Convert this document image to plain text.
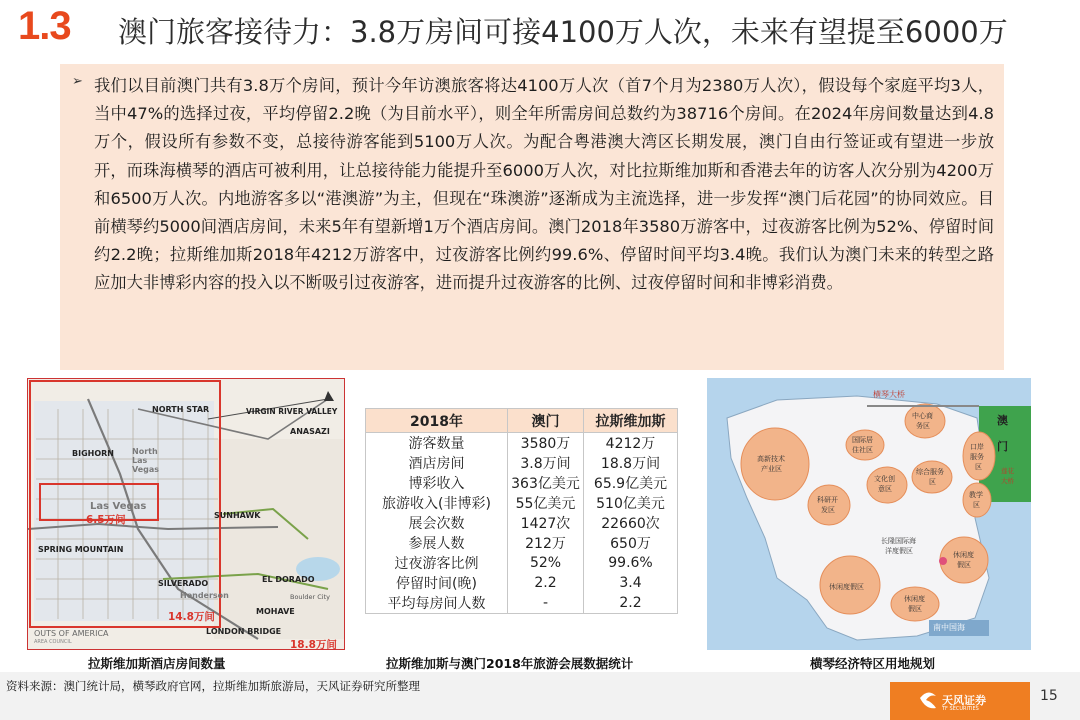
1.3 澳门旅客接待力：3.8万房间可接4100万人次，未来有望提至6000万
➢ 我们以目前澳门共有3.8万个房间，预计今年访澳旅客将达4100万人次（首7个月为2380万人次），假设每个家庭平均3人，当中47%的选择过夜，平均停留2.2晚（为目前水平），则全年所需房间总数约为38716个房间。在2024年房间数量达到4.8万个，假设所有参数不变，总接待游客能到5100万人次。为配合粤港澳大湾区长期发展，澳门自由行签证或有望进一步放开，而珠海横琴的酒店可被利用，让总接待能力能提升至6000万人次，对比拉斯维加斯和香港去年的访客人次分别为4200万和6500万人次。内地游客多以“港澳游”为主，但现在“珠澳游”逐渐成为主流选择，进一步发挥“澳门后花园”的协同效应。目前横琴约5000间酒店房间，未来5年有望新增1万个酒店房间。澳门2018年3580万游客中，过夜游客比例为52%、停留时间约2.2晚；拉斯维加斯2018年4212万游客中，过夜游客比例约99.6%、停留时间平均3.4晚。我们认为澳门未来的转型之路应加大非博彩内容的投入以不断吸引过夜游客，进而提升过夜游客的比例、过夜停留时间和非博彩消费。

NORTH STAR	VIRGIN RIVER VALLEY
ANASAZI
BIGHORN North Las Vegas
Las Vegas
SPRING MOUNTAIN
SUNHAWK
EL DORADO
SILVERADO
Henderson
MOHAVE
LONDON BRIDGE
Boulder City
OUTS OF AMERICA
AREA COUNCIL
6.5万间
14.8万间
18.8万间
拉斯维加斯酒店房间数量
2018年	澳门	拉斯维加斯
游客数量	3580万	4212万
酒店房间	3.8万间	18.8万间
博彩收入	363亿美元	65.9亿美元
旅游收入(非博彩)	55亿美元	510亿美元
展会次数	1427次	22660次
参展人数	212万	650万
过夜游客比例	52%	99.6%
停留时间(晚)	2.2	3.4
平均每房间人数	-	2.2
拉斯维加斯与澳门2018年旅游会展数据统计
横琴大桥
澳
门
莲花
大桥
中心商
务区
国际居
住社区
高新技术
产业区
口岸
服务
区
综合服务
区
文化创
意区
科研开
发区
教学
区
长隆国际海
洋度假区	休闲度
假区
休闲度假区
休闲度
假区
南中国海
横琴经济特区用地规划
资料来源：澳门统计局，横琴政府官网，拉斯维加斯旅游局，天风证券研究所整理
天风证券
TF SECURITIES
15
